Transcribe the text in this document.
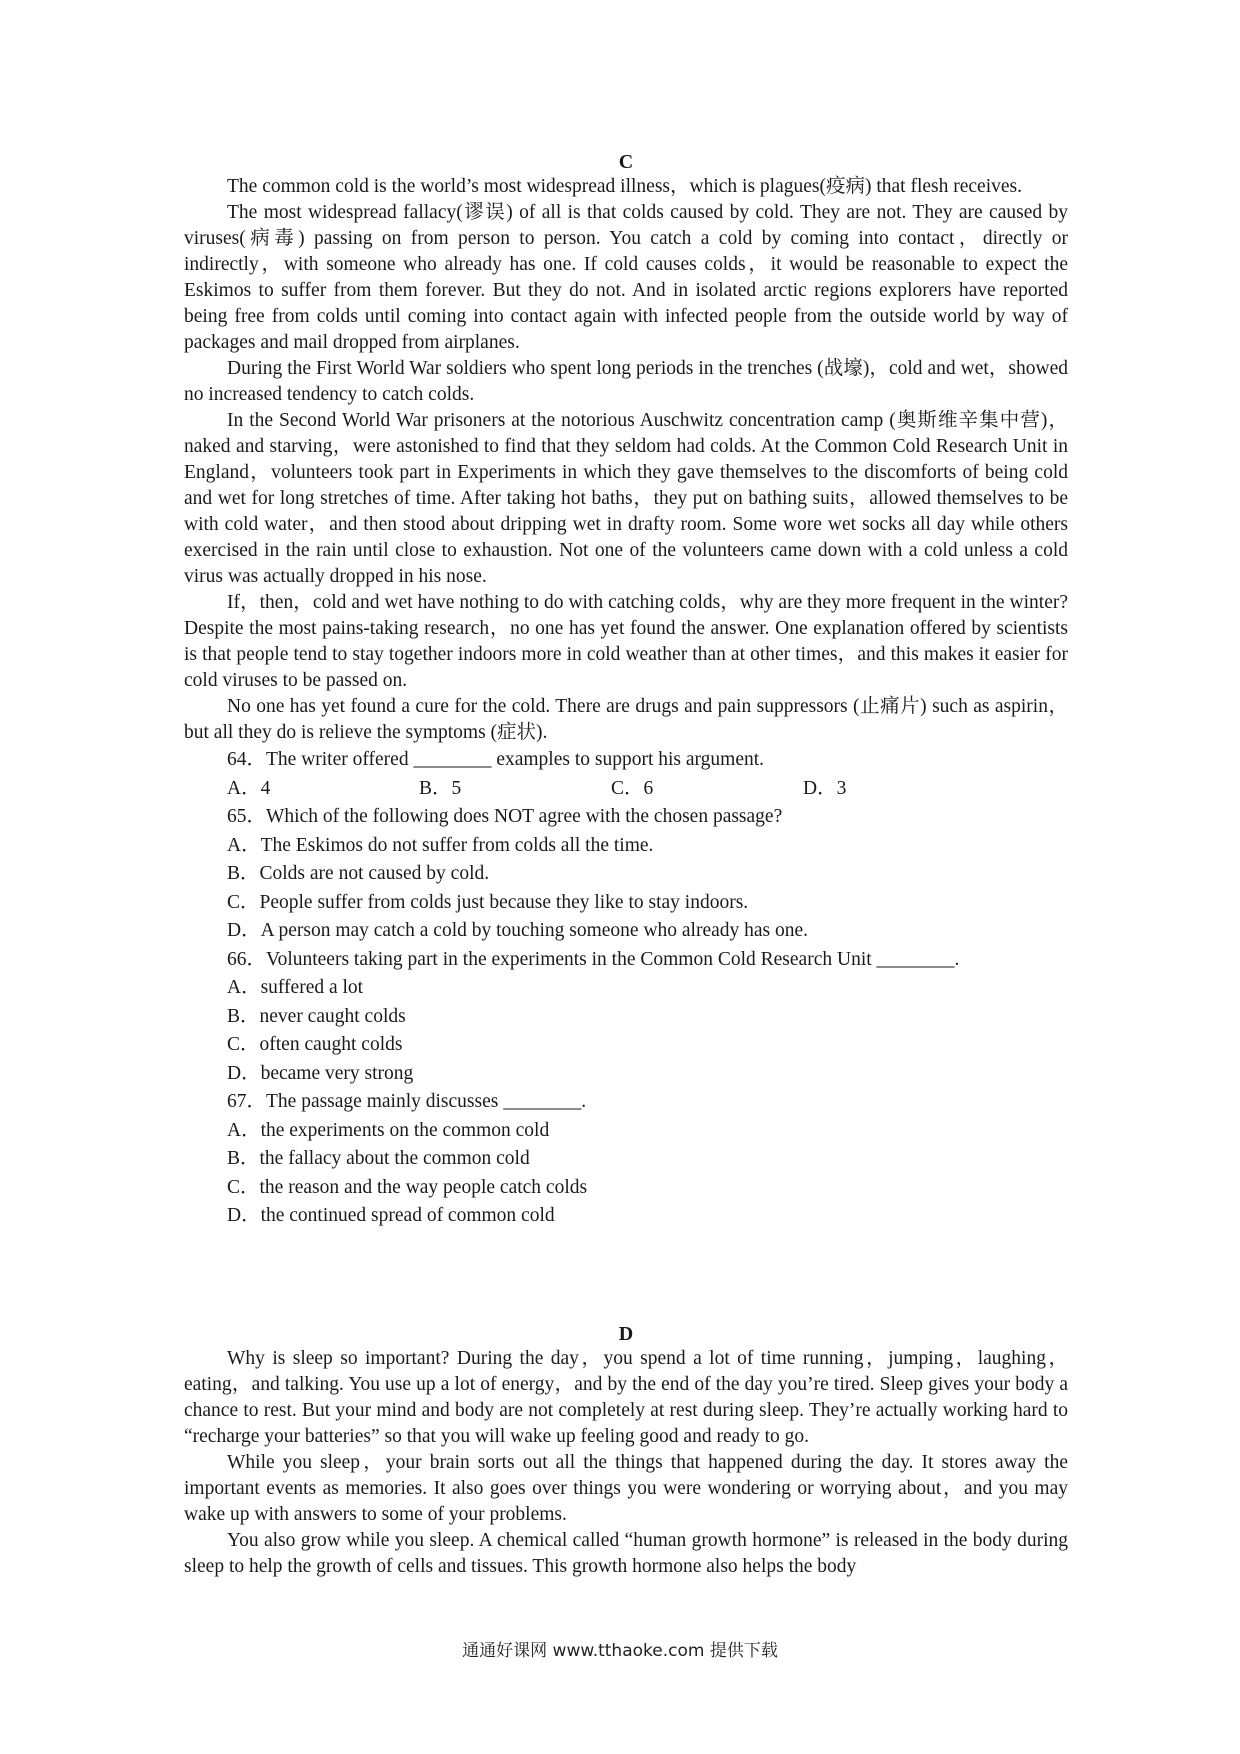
C

The common cold is the world’s most widespread illness，which is plagues(疫病) that flesh receives.

The most widespread fallacy(谬误) of all is that colds caused by cold. They are not. They are caused by viruses(病毒) passing on from person to person. You catch a cold by coming into contact，directly or indirectly，with someone who already has one. If cold causes colds，it would be reasonable to expect the Eskimos to suffer from them forever. But they do not. And in isolated arctic regions explorers have reported being free from colds until coming into contact again with infected people from the outside world by way of packages and mail dropped from airplanes.

During the First World War soldiers who spent long periods in the trenches (战壕)，cold and wet，showed no increased tendency to catch colds.

In the Second World War prisoners at the notorious Auschwitz concentration camp (奥斯维辛集中营)，naked and starving，were astonished to find that they seldom had colds. At the Common Cold Research Unit in England，volunteers took part in Experiments in which they gave themselves to the discomforts of being cold and wet for long stretches of time. After taking hot baths，they put on bathing suits，allowed themselves to be with cold water，and then stood about dripping wet in drafty room. Some wore wet socks all day while others exercised in the rain until close to exhaustion. Not one of the volunteers came down with a cold unless a cold virus was actually dropped in his nose.

If，then，cold and wet have nothing to do with catching colds，why are they more frequent in the winter? Despite the most pains-taking research，no one has yet found the answer. One explanation offered by scientists is that people tend to stay together indoors more in cold weather than at other times，and this makes it easier for cold viruses to be passed on.

No one has yet found a cure for the cold. There are drugs and pain suppressors (止痛片) such as aspirin，but all they do is relieve the symptoms (症状).

64．The writer offered ________ examples to support his argument.

A．4	B．5	C．6	D．3

65．Which of the following does NOT agree with the chosen passage?

A．The Eskimos do not suffer from colds all the time.

B．Colds are not caused by cold.

C．People suffer from colds just because they like to stay indoors.

D．A person may catch a cold by touching someone who already has one.

66．Volunteers taking part in the experiments in the Common Cold Research Unit ________.

A．suffered a lot

B．never caught colds

C．often caught colds

D．became very strong

67．The passage mainly discusses ________.

A．the experiments on the common cold

B．the fallacy about the common cold

C．the reason and the way people catch colds

D．the continued spread of common cold

D

Why is sleep so important? During the day，you spend a lot of time running，jumping，laughing，eating，and talking. You use up a lot of energy，and by the end of the day you’re tired. Sleep gives your body a chance to rest. But your mind and body are not completely at rest during sleep. They’re actually working hard to “recharge your batteries” so that you will wake up feeling good and ready to go.

While you sleep，your brain sorts out all the things that happened during the day. It stores away the important events as memories. It also goes over things you were wondering or worrying about，and you may wake up with answers to some of your problems.

You also grow while you sleep. A chemical called “human growth hormone” is released in the body during sleep to help the growth of cells and tissues. This growth hormone also helps the body

通通好课网 www.tthaoke.com 提供下载
